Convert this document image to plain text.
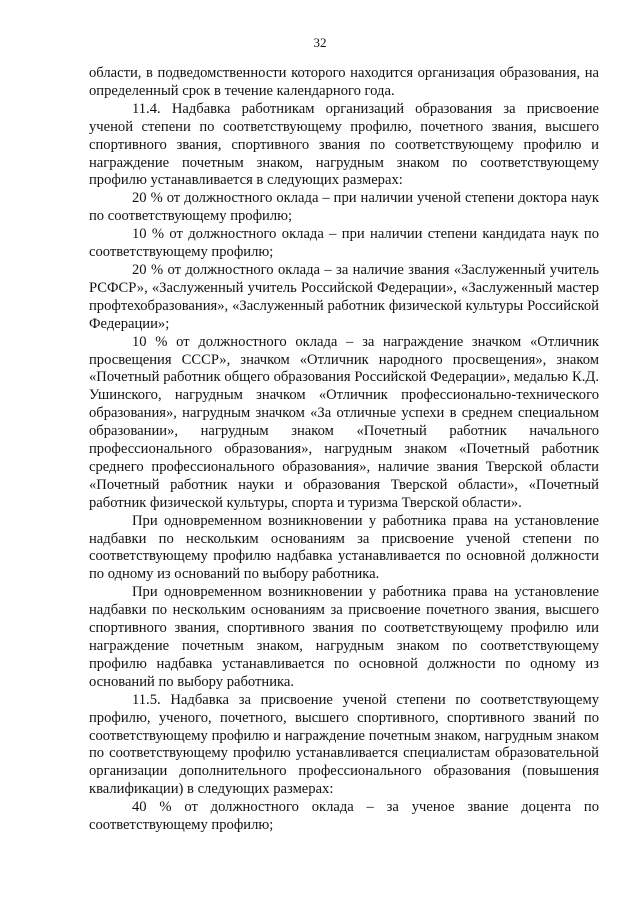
32

области, в подведомственности которого находится организация образования, на определенный срок в течение календарного года.

11.4. Надбавка работникам организаций образования за присвоение ученой степени по соответствующему профилю, почетного звания, высшего спортивного звания, спортивного звания по соответствующему профилю и награждение почетным знаком, нагрудным знаком по соответствующему профилю устанавливается в следующих размерах:

20 % от должностного оклада – при наличии ученой степени доктора наук по соответствующему профилю;

10 % от должностного оклада – при наличии степени кандидата наук по соответствующему профилю;

20 % от должностного оклада – за наличие звания «Заслуженный учитель РСФСР», «Заслуженный учитель Российской Федерации», «Заслуженный мастер профтехобразования», «Заслуженный работник физической культуры Российской Федерации»;

10 % от должностного оклада – за награждение значком «Отличник просвещения СССР», значком «Отличник народного просвещения», знаком «Почетный работник общего образования Российской Федерации», медалью К.Д. Ушинского, нагрудным значком «Отличник профессионально-технического образования», нагрудным значком «За отличные успехи в среднем специальном образовании», нагрудным знаком «Почетный работник начального профессионального образования», нагрудным знаком «Почетный работник среднего профессионального образования», наличие звания Тверской области «Почетный работник науки и образования Тверской области», «Почетный работник физической культуры, спорта и туризма Тверской области».

При одновременном возникновении у работника права на установление надбавки по нескольким основаниям за присвоение ученой степени по соответствующему профилю надбавка устанавливается по основной должности по одному из оснований по выбору работника.

При одновременном возникновении у работника права на установление надбавки по нескольким основаниям за присвоение почетного звания, высшего спортивного звания, спортивного звания по соответствующему профилю или награждение почетным знаком, нагрудным знаком по соответствующему профилю надбавка устанавливается по основной должности по одному из оснований по выбору работника.

11.5. Надбавка за присвоение ученой степени по соответствующему профилю, ученого, почетного, высшего спортивного, спортивного званий по соответствующему профилю и награждение почетным знаком, нагрудным знаком по соответствующему профилю устанавливается специалистам образовательной организации дополнительного профессионального образования (повышения квалификации) в следующих размерах:

40 % от должностного оклада – за ученое звание доцента по соответствующему профилю;
